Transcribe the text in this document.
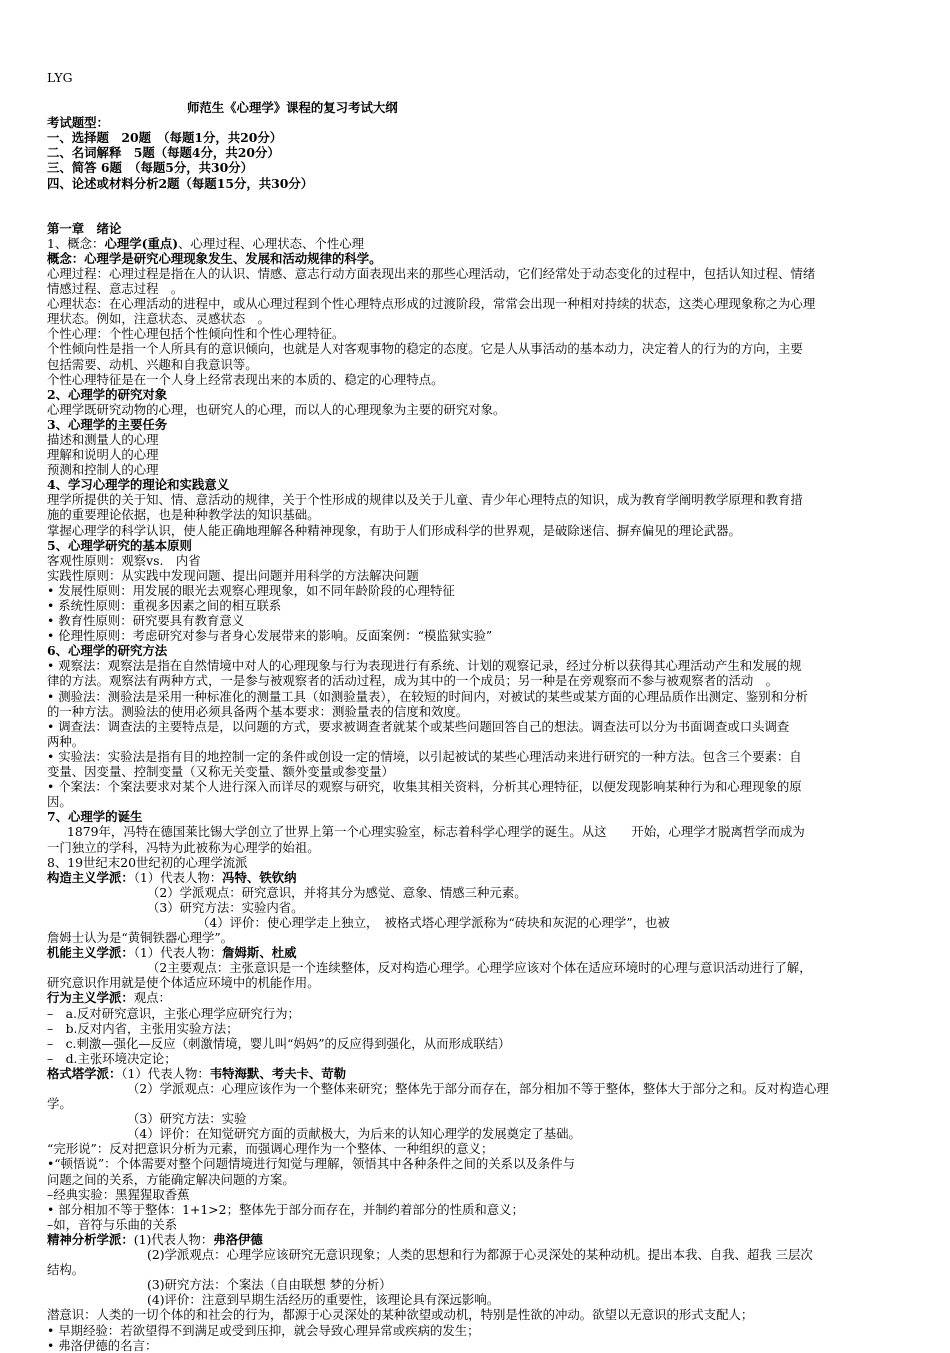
LYG
师范生《心理学》课程的复习考试大纲
考试题型：
一、选择题　20题　（每题1分，共20分）
二、名词解释　5题（每题4分，共20分）
三、简答 6题　（每题5分，共30分）
四、论述或材料分析2题（每题15分，共30分）
第一章　绪论
1、概念：心理学(重点)、心理过程、心理状态、个性心理
概念：心理学是研究心理现象发生、发展和活动规律的科学。
心理过程：心理过程是指在人的认识、情感、意志行动方面表现出来的那些心理活动，它们经常处于动态变化的过程中，包括认知过程、情绪
情感过程、意志过程　。
心理状态：在心理活动的进程中，或从心理过程到个性心理特点形成的过渡阶段，常常会出现一种相对持续的状态，这类心理现象称之为心理
理状态。例如，注意状态、灵感状态　。
个性心理：个性心理包括个性倾向性和个性心理特征。
个性倾向性是指一个人所具有的意识倾向，也就是人对客观事物的稳定的态度。它是人从事活动的基本动力，决定着人的行为的方向，主要
包括需要、动机、兴趣和自我意识等。
个性心理特征是在一个人身上经常表现出来的本质的、稳定的心理特点。
2、心理学的研究对象
心理学既研究动物的心理，也研究人的心理，而以人的心理现象为主要的研究对象。
3、心理学的主要任务
描述和测量人的心理
理解和说明人的心理
预测和控制人的心理
4、学习心理学的理论和实践意义
理学所提供的关于知、情、意活动的规律，关于个性形成的规律以及关于儿童、青少年心理特点的知识，成为教育学阐明教学原理和教育措
施的重要理论依据，也是种种教学法的知识基础。
掌握心理学的科学认识，使人能正确地理解各种精神现象，有助于人们形成科学的世界观，是破除迷信、摒弃偏见的理论武器。
5、心理学研究的基本原则
客观性原则：观察vs.　内省
实践性原则：从实践中发现问题、提出问题并用科学的方法解决问题
• 发展性原则：用发展的眼光去观察心理现象，如不同年龄阶段的心理特征
• 系统性原则：重视多因素之间的相互联系
• 教育性原则：研究要具有教育意义
• 伦理性原则：考虑研究对参与者身心发展带来的影响。反面案例：“模监狱实验”
6、心理学的研究方法
• 观察法：观察法是指在自然情境中对人的心理现象与行为表现进行有系统、计划的观察记录，经过分析以获得其心理活动产生和发展的规
律的方法。观察法有两种方式，一是参与被观察者的活动过程，成为其中的一个成员；另一种是在旁观察而不参与被观察者的活动　。
• 测验法：测验法是采用一种标准化的测量工具（如测验量表），在较短的时间内，对被试的某些或某方面的心理品质作出测定、鉴别和分析
的一种方法。测验法的使用必须具备两个基本要求：测验量表的信度和效度。
• 调查法：调查法的主要特点是，以问题的方式，要求被调查者就某个或某些问题回答自己的想法。调查法可以分为书面调查或口头调查
两种。
• 实验法：实验法是指有目的地控制一定的条件或创设一定的情境，以引起被试的某些心理活动来进行研究的一种方法。包含三个要素：自
变量、因变量、控制变量（又称无关变量、额外变量或参变量）
• 个案法：个案法要求对某个人进行深入而详尽的观察与研究，收集其相关资料，分析其心理特征，以便发现影响某种行为和心理现象的原
因。
7、心理学的诞生
1879年，冯特在德国莱比锡大学创立了世界上第一个心理实验室，标志着科学心理学的诞生。从这　　开始，心理学才脱离哲学而成为
一门独立的学科，冯特为此被称为心理学的始祖。
8、19世纪末20世纪初的心理学流派
构造主义学派：（1）代表人物：冯特、铁钦纳
（2）学派观点：研究意识，并将其分为感觉、意象、情感三种元素。
（3）研究方法：实验内省。
（4）评价：使心理学走上独立，　被格式塔心理学派称为“砖块和灰泥的心理学”，也被
詹姆士认为是“黄铜铁器心理学”。
机能主义学派：（1）代表人物：詹姆斯、杜威
（2主要观点：主张意识是一个连续整体，反对构造心理学。心理学应该对个体在适应环境时的心理与意识活动进行了解，
研究意识作用就是使个体适应环境中的机能作用。
行为主义学派：观点：
–　a.反对研究意识，主张心理学应研究行为；
–　b.反对内省，主张用实验方法；
–　c.刺激—强化—反应（刺激情境，婴儿叫“妈妈”的反应得到强化，从而形成联结）
–　d.主张环境决定论；
格式塔学派：（1）代表人物：韦特海默、考夫卡、苛勒
（2）学派观点：心理应该作为一个整体来研究；整体先于部分而存在，部分相加不等于整体，整体大于部分之和。反对构造心理
学。
（3）研究方法：实验
（4）评价：在知觉研究方面的贡献极大，为后来的认知心理学的发展奠定了基础。
“完形说”：反对把意识分析为元素，而强调心理作为一个整体、一种组织的意义；
•“顿悟说”：个体需要对整个问题情境进行知觉与理解，领悟其中各种条件之间的关系以及条件与
问题之间的关系，方能确定解决问题的方案。
–经典实验：黑猩猩取香蕉
• 部分相加不等于整体：1+1>2；整体先于部分而存在，并制约着部分的性质和意义；
–如，音符与乐曲的关系
精神分析学派：(1)代表人物：弗洛伊德
(2)学派观点：心理学应该研究无意识现象；人类的思想和行为都源于心灵深处的某种动机。提出本我、自我、超我 三层次
结构。
(3)研究方法：个案法（自由联想 梦的分析）
(4)评价：注意到早期生活经历的重要性，该理论具有深远影响。
潜意识：人类的一切个体的和社会的行为，都源于心灵深处的某种欲望或动机，特别是性欲的冲动。欲望以无意识的形式支配人；
• 早期经验：若欲望得不到满足或受到压抑，就会导致心理异常或疾病的发生；
• 弗洛伊德的名言：
